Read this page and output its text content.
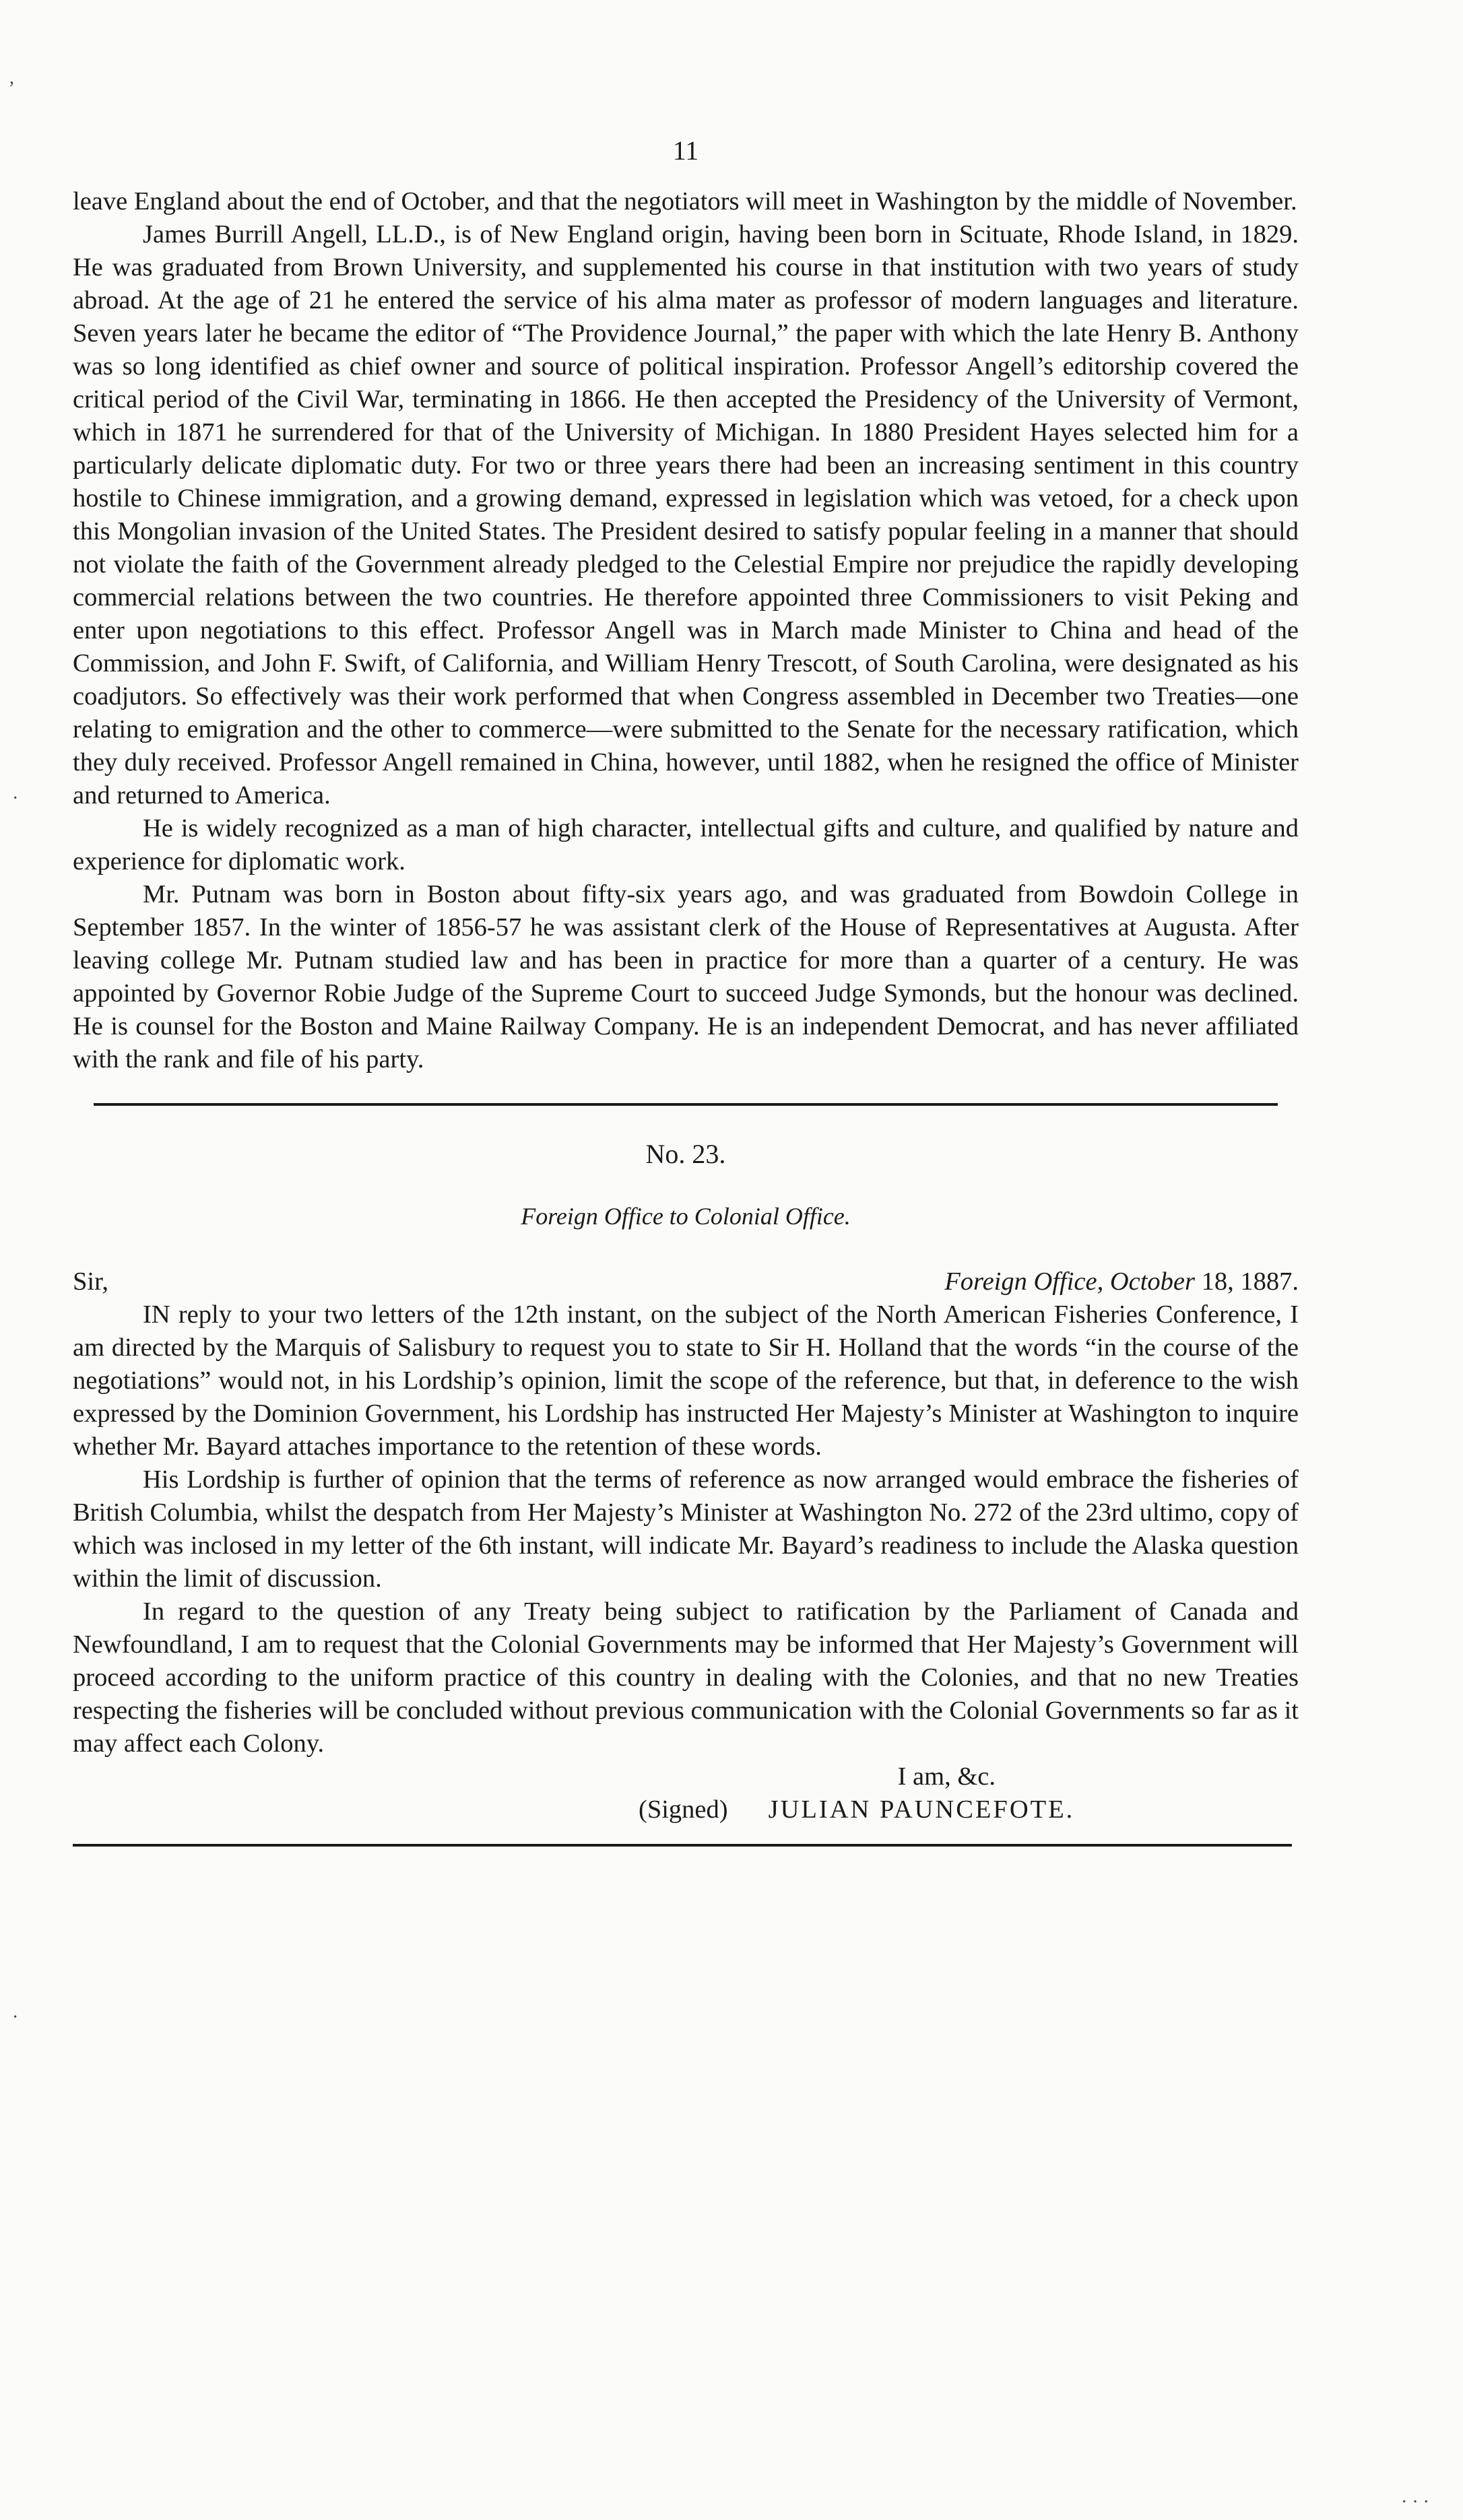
11

leave England about the end of October, and that the negotiators will meet in Washington by the middle of November.

James Burrill Angell, LL.D., is of New England origin, having been born in Scituate, Rhode Island, in 1829. He was graduated from Brown University, and supplemented his course in that institution with two years of study abroad. At the age of 21 he entered the service of his alma mater as professor of modern languages and literature. Seven years later he became the editor of “The Providence Journal,” the paper with which the late Henry B. Anthony was so long identified as chief owner and source of political inspiration. Professor Angell’s editorship covered the critical period of the Civil War, terminating in 1866. He then accepted the Presidency of the University of Vermont, which in 1871 he surrendered for that of the University of Michigan. In 1880 President Hayes selected him for a particularly delicate diplomatic duty. For two or three years there had been an increasing sentiment in this country hostile to Chinese immigration, and a growing demand, expressed in legislation which was vetoed, for a check upon this Mongolian invasion of the United States. The President desired to satisfy popular feeling in a manner that should not violate the faith of the Government already pledged to the Celestial Empire nor prejudice the rapidly developing commercial relations between the two countries. He therefore appointed three Commissioners to visit Peking and enter upon negotiations to this effect. Professor Angell was in March made Minister to China and head of the Commission, and John F. Swift, of California, and William Henry Trescott, of South Carolina, were designated as his coadjutors. So effectively was their work performed that when Congress assembled in December two Treaties—one relating to emigration and the other to commerce—were submitted to the Senate for the necessary ratification, which they duly received. Professor Angell remained in China, however, until 1882, when he resigned the office of Minister and returned to America.

He is widely recognized as a man of high character, intellectual gifts and culture, and qualified by nature and experience for diplomatic work.

Mr. Putnam was born in Boston about fifty-six years ago, and was graduated from Bowdoin College in September 1857. In the winter of 1856-57 he was assistant clerk of the House of Representatives at Augusta. After leaving college Mr. Putnam studied law and has been in practice for more than a quarter of a century. He was appointed by Governor Robie Judge of the Supreme Court to succeed Judge Symonds, but the honour was declined. He is counsel for the Boston and Maine Railway Company. He is an independent Democrat, and has never affiliated with the rank and file of his party.

No. 23.
Foreign Office to Colonial Office.
Sir,	Foreign Office, October 18, 1887.

IN reply to your two letters of the 12th instant, on the subject of the North American Fisheries Conference, I am directed by the Marquis of Salisbury to request you to state to Sir H. Holland that the words “in the course of the negotiations” would not, in his Lordship’s opinion, limit the scope of the reference, but that, in deference to the wish expressed by the Dominion Government, his Lordship has instructed Her Majesty’s Minister at Washington to inquire whether Mr. Bayard attaches importance to the retention of these words.

His Lordship is further of opinion that the terms of reference as now arranged would embrace the fisheries of British Columbia, whilst the despatch from Her Majesty’s Minister at Washington No. 272 of the 23rd ultimo, copy of which was inclosed in my letter of the 6th instant, will indicate Mr. Bayard’s readiness to include the Alaska question within the limit of discussion.

In regard to the question of any Treaty being subject to ratification by the Parliament of Canada and Newfoundland, I am to request that the Colonial Governments may be informed that Her Majesty’s Government will proceed according to the uniform practice of this country in dealing with the Colonies, and that no new Treaties respecting the fisheries will be concluded without previous communication with the Colonial Governments so far as it may affect each Colony.

I am, &c.

(Signed) JULIAN PAUNCEFOTE.
,
·
·
· · ·
